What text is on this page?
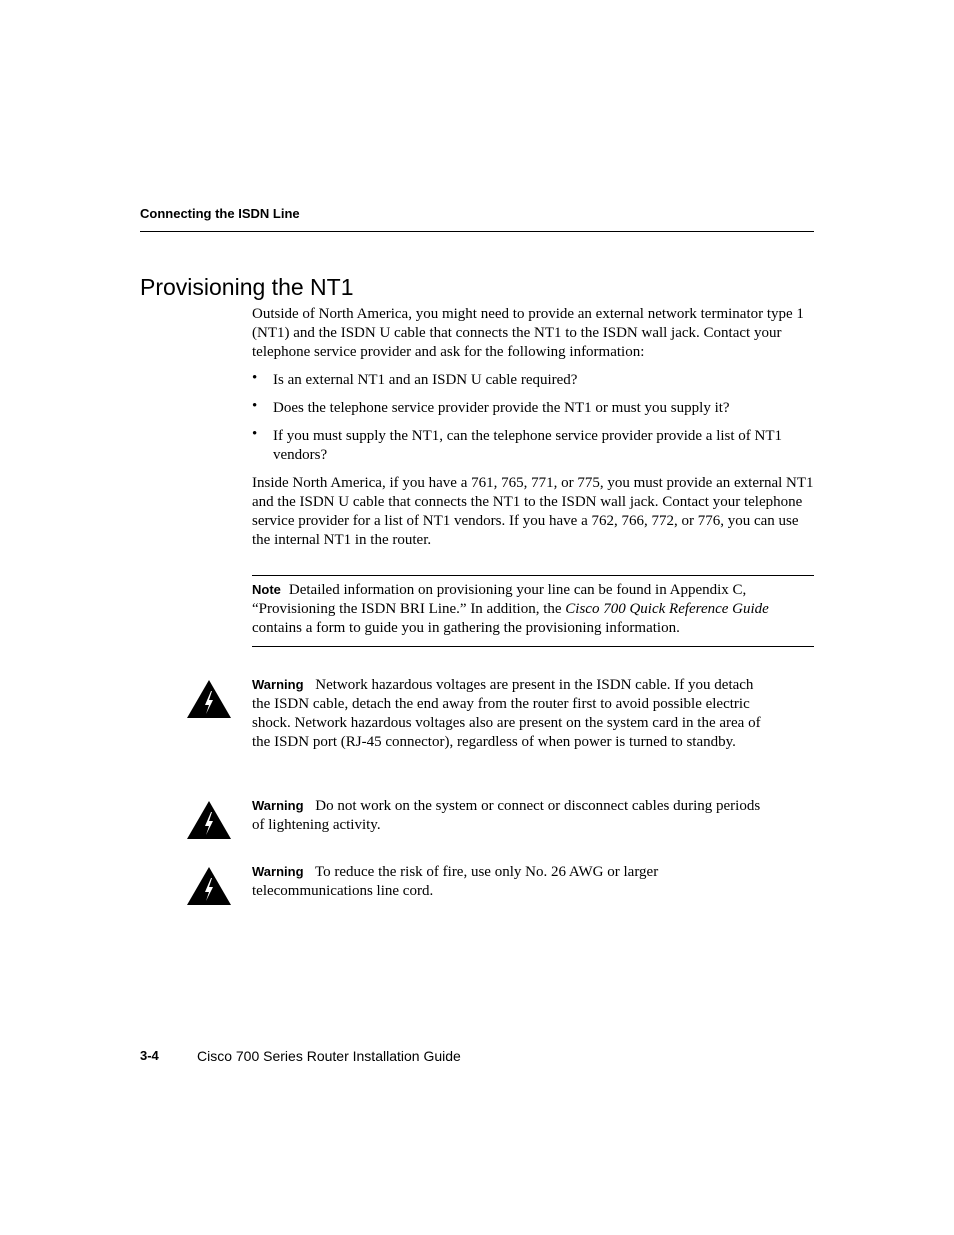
Connecting the ISDN Line
Provisioning the NT1

Outside of North America, you might need to provide an external network terminator type 1 (NT1) and the ISDN U cable that connects the NT1 to the ISDN wall jack. Contact your telephone service provider and ask for the following information:

• Is an external NT1 and an ISDN U cable required?
• Does the telephone service provider provide the NT1 or must you supply it?
• If you must supply the NT1, can the telephone service provider provide a list of NT1 vendors?

Inside North America, if you have a 761, 765, 771, or 775, you must provide an external NT1 and the ISDN U cable that connects the NT1 to the ISDN wall jack. Contact your telephone service provider for a list of NT1 vendors. If you have a 762, 766, 772, or 776, you can use the internal NT1 in the router.

Note Detailed information on provisioning your line can be found in Appendix C, “Provisioning the ISDN BRI Line.” In addition, the Cisco 700 Quick Reference Guide contains a form to guide you in gathering the provisioning information.

Warning Network hazardous voltages are present in the ISDN cable. If you detach the ISDN cable, detach the end away from the router first to avoid possible electric shock. Network hazardous voltages also are present on the system card in the area of the ISDN port (RJ-45 connector), regardless of when power is turned to standby.

Warning Do not work on the system or connect or disconnect cables during periods of lightening activity.

Warning To reduce the risk of fire, use only No. 26 AWG or larger telecommunications line cord.

3-4	Cisco 700 Series Router Installation Guide
